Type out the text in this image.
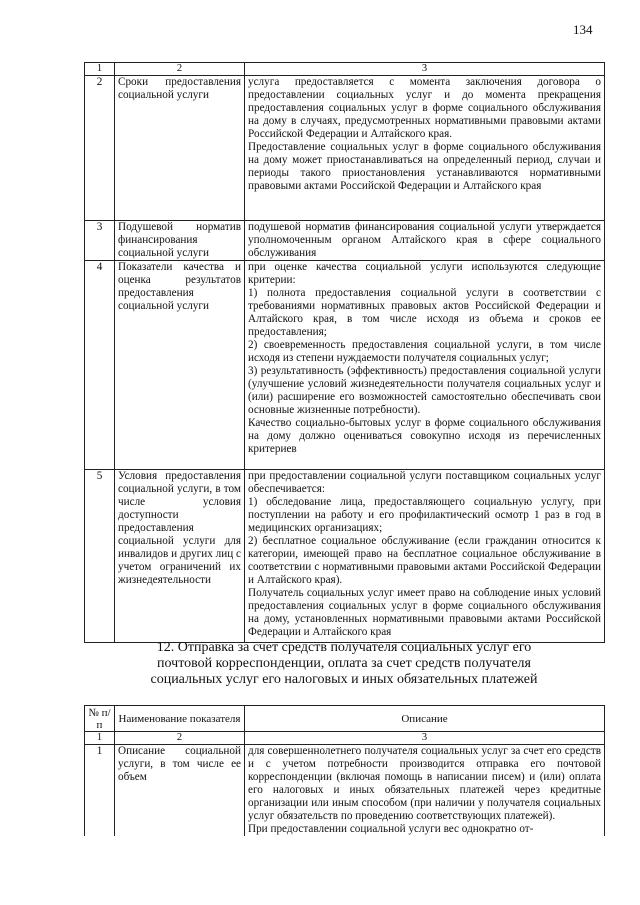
134
1	2	3
2	Сроки предоставления социальной услуги	услуга предоставляется с момента заключения договора о предоставлении социальных услуг и до момента прекращения предоставления социальных услуг в форме социального обслуживания на дому в случаях, предусмотренных нормативными правовыми актами Российской Федерации и Алтайского края.

Предоставление социальных услуг в форме социального обслуживания на дому может приостанавливаться на определенный период, случаи и периоды такого приостановления устанавливаются нормативными правовыми актами Российской Федерации и Алтайского края

3	Подушевой норматив финансирования социальной услуги	подушевой норматив финансирования социальной услуги утверждается уполномоченным органом Алтайского края в сфере социального обслуживания

4	Показатели качества и оценка результатов предоставления социальной услуги	при оценке качества социальной услуги используются следующие критерии:

1) полнота предоставления социальной услуги в соответствии с требованиями нормативных правовых актов Российской Федерации и Алтайского края, в том числе исходя из объема и сроков ее предоставления;

2) своевременность предоставления социальной услуги, в том числе исходя из степени нуждаемости получателя социальных услуг;

3) результативность (эффективность) предоставления социальной услуги (улучшение условий жизнедеятельности получателя социальных услуг и (или) расширение его возможностей самостоятельно обеспечивать свои основные жизненные потребности).

Качество социально-бытовых услуг в форме социального обслуживания на дому должно оцениваться совокупно исходя из перечисленных критериев

5	Условия предоставления социальной услуги, в том числе условия доступности предоставления социальной услуги для инвалидов и других лиц с учетом ограничений их жизнедеятельности	при предоставлении социальной услуги поставщиком социальных услуг обеспечивается:

1) обследование лица, предоставляющего социальную услугу, при поступлении на работу и его профилактический осмотр 1 раз в год в медицинских организациях;

2) бесплатное социальное обслуживание (если гражданин относится к категории, имеющей право на бесплатное социальное обслуживание в соответствии с нормативными правовыми актами Российской Федерации и Алтайского края).

Получатель социальных услуг имеет право на соблюдение иных условий предоставления социальных услуг в форме социального обслуживания на дому, установленных нормативными правовыми актами Российской Федерации и Алтайского края

12. Отправка за счет средств получателя социальных услуг его
почтовой корреспонденции, оплата за счет средств получателя
социальных услуг его налоговых и иных обязательных платежей
№ п/п	Наименование показателя	Описание
1	2	3
1	Описание социальной услуги, в том числе ее объем	для совершеннолетнего получателя социальных услуг за счет его средств и с учетом потребности производится отправка его почтовой корреспонденции (включая помощь в написании писем) и (или) оплата его налоговых и иных обязательных платежей через кредитные организации или иным способом (при наличии у получателя социальных услуг обязательств по проведению соответствующих платежей).

При предоставлении социальной услуги вес однократно от-
